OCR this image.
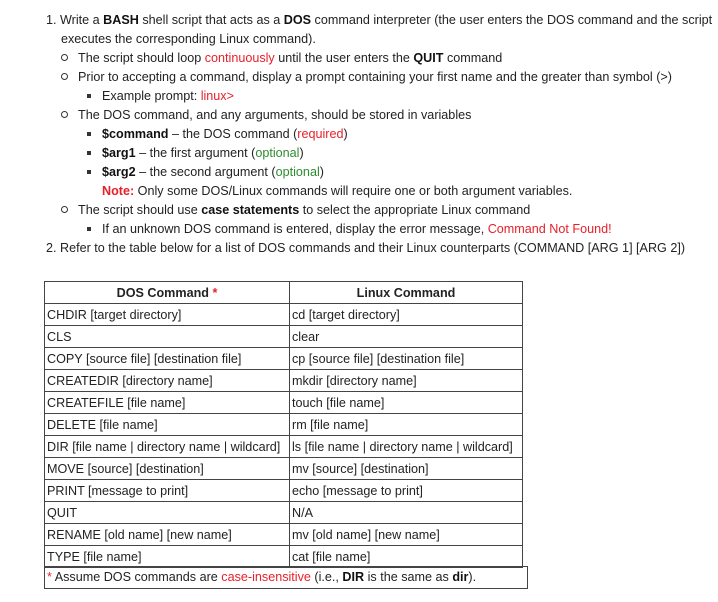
1. Write a BASH shell script that acts as a DOS command interpreter (the user enters the DOS command and the script
executes the corresponding Linux command).
The script should loop continuously until the user enters the QUIT command
Prior to accepting a command, display a prompt containing your first name and the greater than symbol (>)
Example prompt: linux>
The DOS command, and any arguments, should be stored in variables
$command – the DOS command (required)
$arg1 – the first argument (optional)
$arg2 – the second argument (optional)
Note: Only some DOS/Linux commands will require one or both argument variables.
The script should use case statements to select the appropriate Linux command
If an unknown DOS command is entered, display the error message, Command Not Found!
2. Refer to the table below for a list of DOS commands and their Linux counterparts (COMMAND [ARG 1] [ARG 2])
DOS Command *	Linux Command
CHDIR [target directory]	cd [target directory]
CLS	clear
COPY [source file] [destination file]	cp [source file] [destination file]
CREATEDIR [directory name]	mkdir [directory name]
CREATEFILE [file name]	touch [file name]
DELETE [file name]	rm [file name]
DIR [file name | directory name | wildcard]	ls [file name | directory name | wildcard]
MOVE [source] [destination]	mv [source] [destination]
PRINT [message to print]	echo [message to print]
QUIT	N/A
RENAME [old name] [new name]	mv [old name] [new name]
TYPE [file name]	cat [file name]
* Assume DOS commands are case-insensitive (i.e., DIR is the same as dir).
